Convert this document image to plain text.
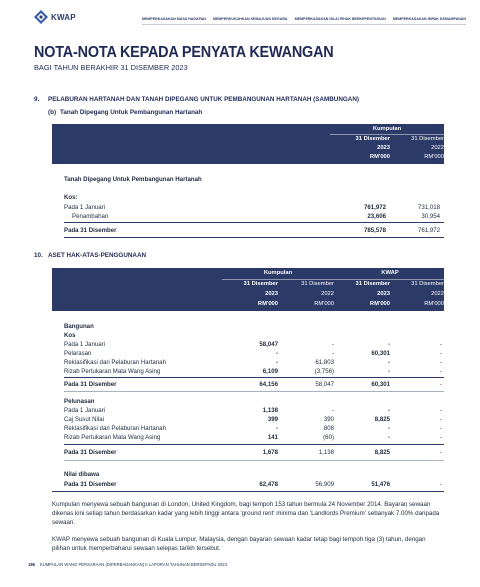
KWAP	MEMPERKASAKAN MASA HADAPAN MEMPERKUKUHKAN KEMAJUAN NEGARA MEMPERKASAKAN NILAI PIHAK BERKEPENTINGAN MEMPERKASAKAN IMPAK KEMAMPANAN
NOTA-NOTA KEPADA PENYATA KEWANGAN
BAGI TAHUN BERAKHIR 31 DISEMBER 2023
9. PELABURAN HARTANAH DAN TANAH DIPEGANG UNTUK PEMBANGUNAN HARTANAH (SAMBUNGAN)
(b) Tanah Dipegang Untuk Pembangunan Hartanah
Kumpulan
31 Disember	31 Disember
2023	2022
RM'000	RM'000
Tanah Dipegang Untuk Pembangunan Hartanah
Kos:
Pada 1 Januari	761,972	731,018
Penambahan	23,606	30,954
Pada 31 Disember	785,578	761,972
10. ASET HAK-ATAS-PENGGUNAAN
Kumpulan	KWAP
31 Disember	31 Disember	31 Disember	31 Disember
2023	2022	2023	2022
RM'000	RM'000	RM'000	RM'000
Bangunan
Kos
Pada 1 Januari	58,047	-	-	-
Pelarasan	-	-	60,301	-
Reklasifikasi dari Pelaburan Hartanah	-	61,803	-	-
Rizab Pertukaran Mata Wang Asing	6,109	(3,756)	-	-
Pada 31 Disember	64,156	58,047	60,301	-
Pelunasan
Pada 1 Januari	1,138	-	-	-
Caj Susut Nilai	399	390	8,825	-
Reklasifikasi dari Pelaburan Hartanah	-	808	-	-
Rizab Pertukaran Mata Wang Asing	141	(60)	-	-
Pada 31 Disember	1,678	1,138	8,825	-
Nilai dibawa
Pada 31 Disember	62,478	56,909	51,476	-
Kumpulan menyewa sebuah bangunan di London, United Kingdom, bagi tempoh 153 tahun bermula 24 November 2014. Bayaran sewaan dikenas kini setiap tahun berdasarkan kadar yang lebih tinggi antara 'ground rent' minima dan 'Landlords Premium' sebanyak 7.00% daripada sewaan.
KWAP menyewa sebuah bangunan di Kuala Lumpur, Malaysia, dengan bayaran sewaan kadar tetap bagi tempoh tiga (3) tahun, dengan pilihan untuk memperbaharui sewaan selepas tarikh tersebut.
186 KUMPULAN WANG PERSARAAN (DIPERBADANKAN) II LAPORAN TAHUNAN BERSEPADU 2023
